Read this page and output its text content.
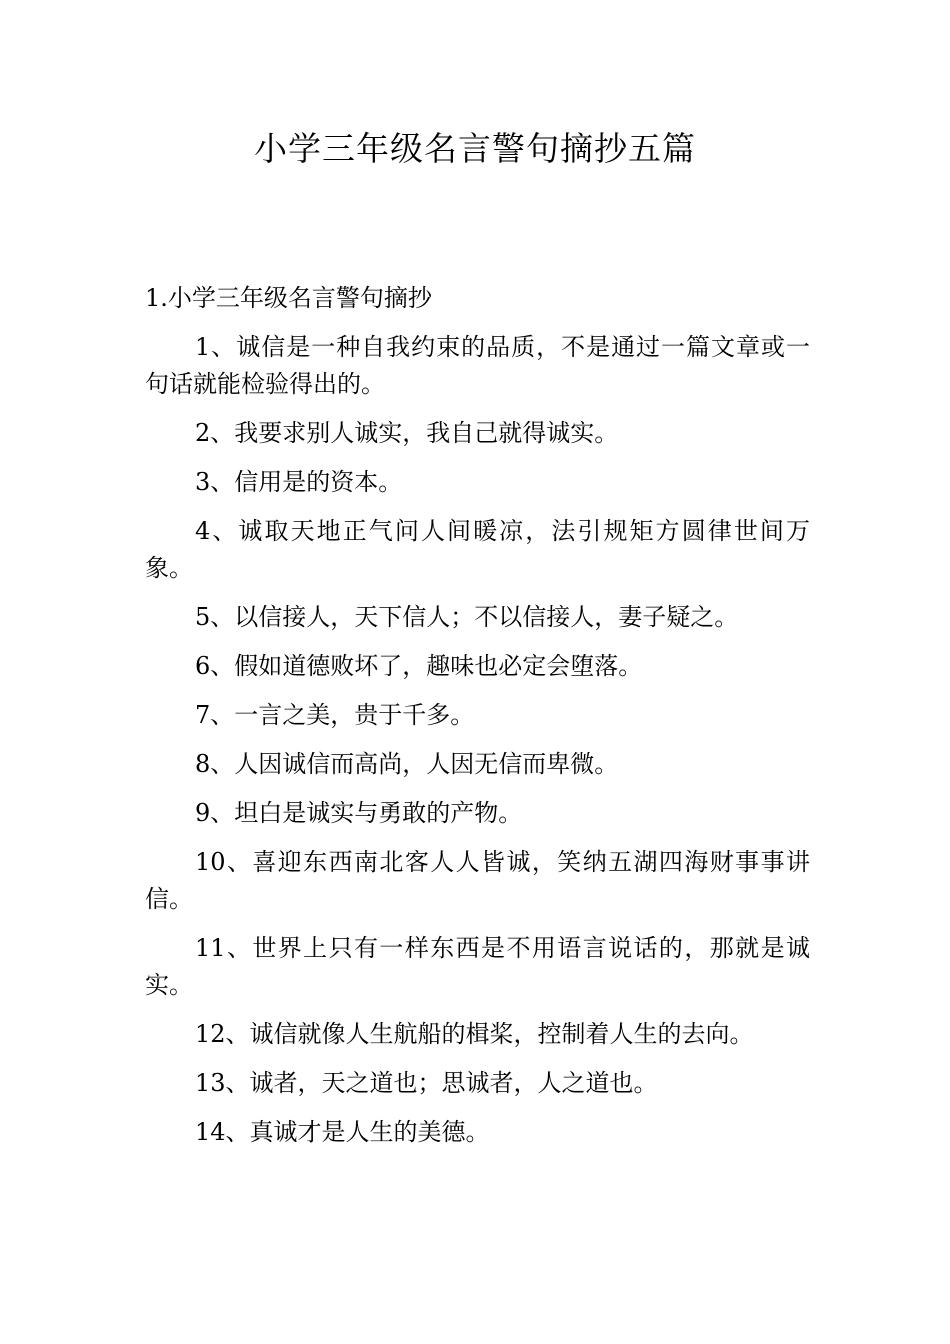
小学三年级名言警句摘抄五篇

1.小学三年级名言警句摘抄

1、诚信是一种自我约束的品质，不是通过一篇文章或一句话就能检验得出的。

2、我要求别人诚实，我自己就得诚实。

3、信用是的资本。

4、诚取天地正气问人间暖凉，法引规矩方圆律世间万象。

5、以信接人，天下信人；不以信接人，妻子疑之。

6、假如道德败坏了，趣味也必定会堕落。

7、一言之美，贵于千多。

8、人因诚信而高尚，人因无信而卑微。

9、坦白是诚实与勇敢的产物。

10、喜迎东西南北客人人皆诚，笑纳五湖四海财事事讲信。

11、世界上只有一样东西是不用语言说话的，那就是诚实。

12、诚信就像人生航船的楫桨，控制着人生的去向。

13、诚者，天之道也；思诚者，人之道也。

14、真诚才是人生的美德。
